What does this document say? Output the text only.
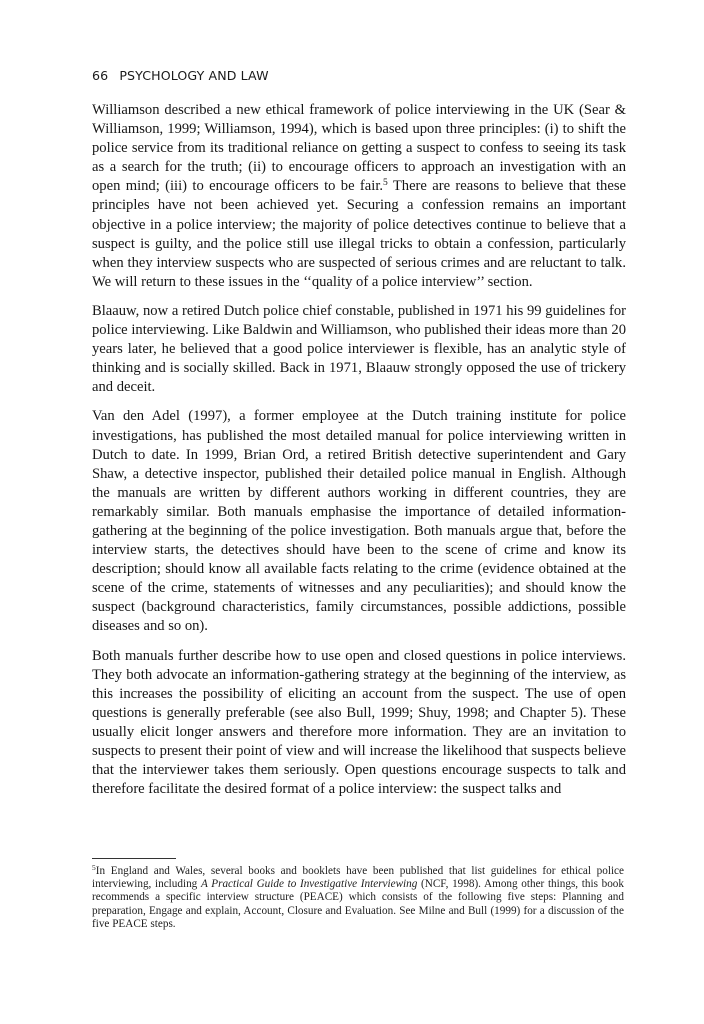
66 PSYCHOLOGY AND LAW

Williamson described a new ethical framework of police interviewing in the UK (Sear & Williamson, 1999; Williamson, 1994), which is based upon three principles: (i) to shift the police service from its traditional reliance on getting a suspect to confess to seeing its task as a search for the truth; (ii) to encourage officers to approach an investigation with an open mind; (iii) to encourage officers to be fair.$^5$ There are reasons to believe that these principles have not been achieved yet. Securing a confession remains an important objective in a police interview; the majority of police detectives continue to believe that a suspect is guilty, and the police still use illegal tricks to obtain a confession, particularly when they interview suspects who are suspected of serious crimes and are reluctant to talk. We will return to these issues in the ‘‘quality of a police interview’’ section.

Blaauw, now a retired Dutch police chief constable, published in 1971 his 99 guidelines for police interviewing. Like Baldwin and Williamson, who published their ideas more than 20 years later, he believed that a good police interviewer is flexible, has an analytic style of thinking and is socially skilled. Back in 1971, Blaauw strongly opposed the use of trickery and deceit.

Van den Adel (1997), a former employee at the Dutch training institute for police investigations, has published the most detailed manual for police interviewing written in Dutch to date. In 1999, Brian Ord, a retired British detective superintendent and Gary Shaw, a detective inspector, published their detailed police manual in English. Although the manuals are written by different authors working in different countries, they are remarkably similar. Both manuals emphasise the importance of detailed information-gathering at the beginning of the police investigation. Both manuals argue that, before the interview starts, the detectives should have been to the scene of crime and know its description; should know all available facts relating to the crime (evidence obtained at the scene of the crime, statements of witnesses and any peculiarities); and should know the suspect (background characteristics, family circumstances, possible addictions, possible diseases and so on).

Both manuals further describe how to use open and closed questions in police interviews. They both advocate an information-gathering strategy at the beginning of the interview, as this increases the possibility of eliciting an account from the suspect. The use of open questions is generally preferable (see also Bull, 1999; Shuy, 1998; and Chapter 5). These usually elicit longer answers and therefore more information. They are an invitation to suspects to present their point of view and will increase the likelihood that suspects believe that the interviewer takes them seriously. Open questions encourage suspects to talk and therefore facilitate the desired format of a police interview: the suspect talks and

$^5$In England and Wales, several books and booklets have been published that list guidelines for ethical police interviewing, including A Practical Guide to Investigative Interviewing (NCF, 1998). Among other things, this book recommends a specific interview structure (PEACE) which consists of the following five steps: Planning and preparation, Engage and explain, Account, Closure and Evaluation. See Milne and Bull (1999) for a discussion of the five PEACE steps.
